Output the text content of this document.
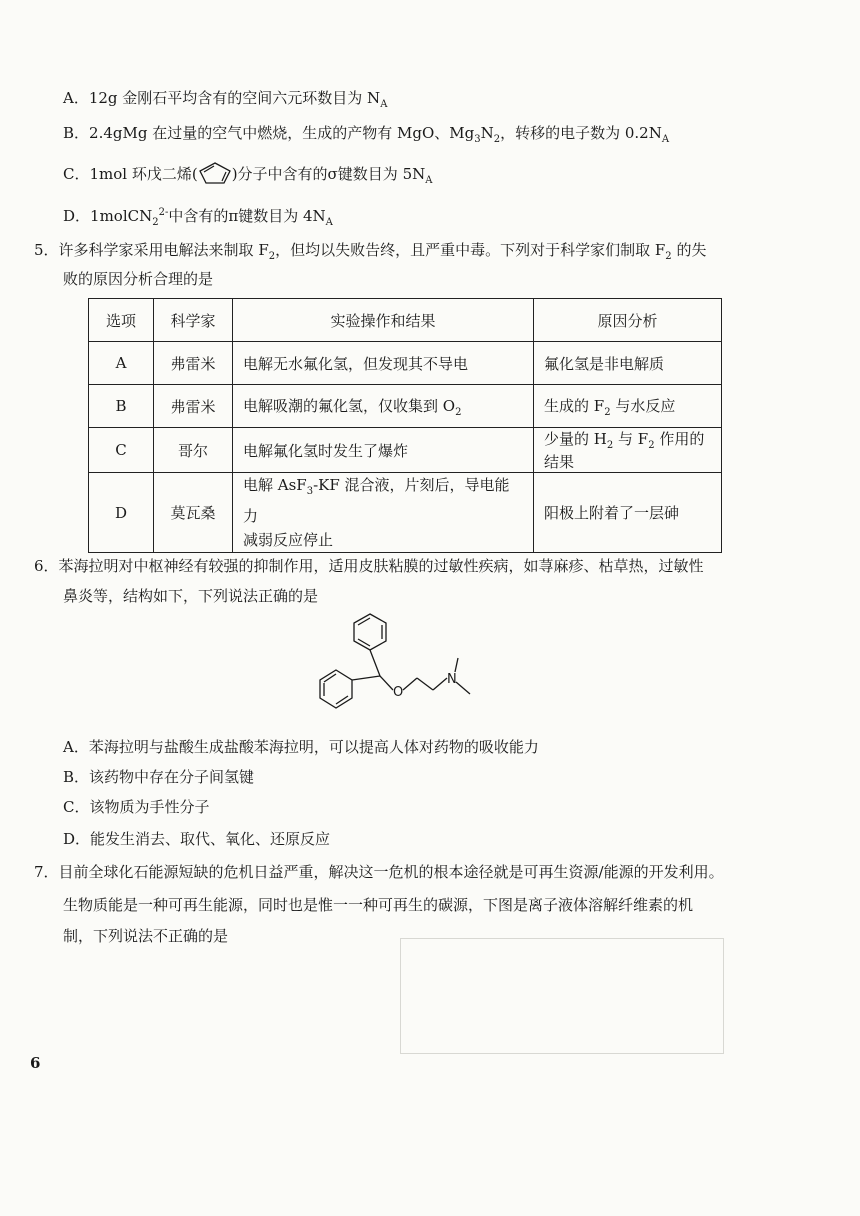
A．12g 金刚石平均含有的空间六元环数目为 $N_A$
B．2.4gMg 在过量的空气中燃烧，生成的产物有 MgO、$Mg_3N_2$，转移的电子数为 $0.2N_A$
C．1mol 环戊二烯( )分子中含有的σ键数目为 $5N_A$
D．1molCN$_2^{2-}$中含有的π键数目为 $4N_A$
5．许多科学家采用电解法来制取 $F_2$，但均以失败告终，且严重中毒。下列对于科学家们制取 $F_2$ 的失
败的原因分析合理的是
选项	科学家	实验操作和结果	原因分析
A	弗雷米	电解无水氟化氢，但发现其不导电	氟化氢是非电解质
B	弗雷米	电解吸潮的氟化氢，仅收集到 $O_2$	生成的 $F_2$ 与水反应
C	哥尔	电解氟化氢时发生了爆炸	少量的 $H_2$ 与 $F_2$ 作用的结果
D	莫瓦桑	电解 AsF$_3$-KF 混合液，片刻后，导电能力
减弱反应停止	阳极上附着了一层砷
6．苯海拉明对中枢神经有较强的抑制作用，适用皮肤粘膜的过敏性疾病，如荨麻疹、枯草热，过敏性
鼻炎等，结构如下，下列说法正确的是
O
N
A．苯海拉明与盐酸生成盐酸苯海拉明，可以提高人体对药物的吸收能力
B．该药物中存在分子间氢键
C．该物质为手性分子
D．能发生消去、取代、氧化、还原反应
7．目前全球化石能源短缺的危机日益严重，解决这一危机的根本途径就是可再生资源/能源的开发利用。
生物质能是一种可再生能源，同时也是惟一一种可再生的碳源，下图是离子液体溶解纤维素的机
制，下列说法不正确的是
6
